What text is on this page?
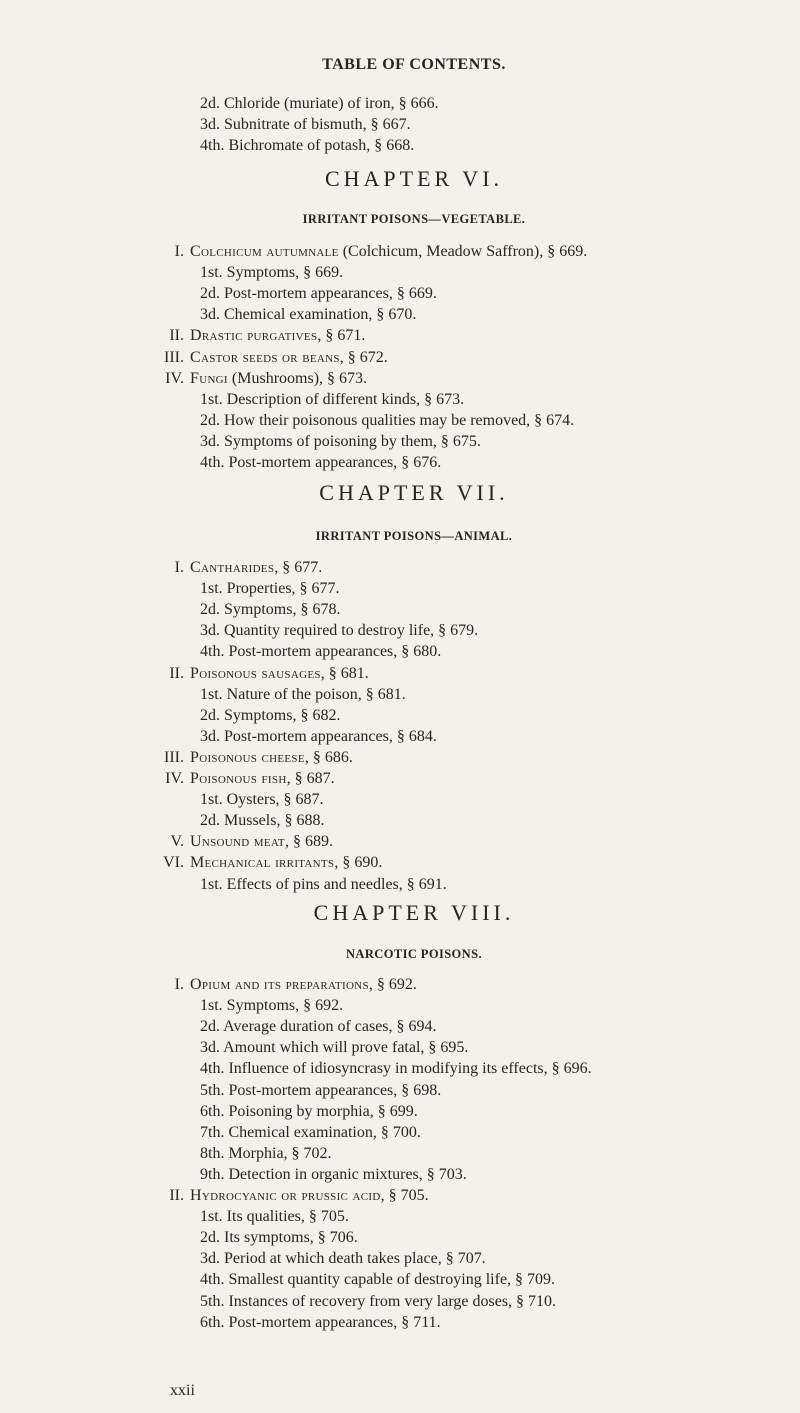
TABLE OF CONTENTS.
2d. Chloride (muriate) of iron, § 666.
3d. Subnitrate of bismuth, § 667.
4th. Bichromate of potash, § 668.
CHAPTER VI.
IRRITANT POISONS—VEGETABLE.
I. Colchicum autumnale (Colchicum, Meadow Saffron), § 669.
1st. Symptoms, § 669.
2d. Post-mortem appearances, § 669.
3d. Chemical examination, § 670.
II. Drastic purgatives, § 671.
III. Castor seeds or beans, § 672.
IV. Fungi (Mushrooms), § 673.
1st. Description of different kinds, § 673.
2d. How their poisonous qualities may be removed, § 674.
3d. Symptoms of poisoning by them, § 675.
4th. Post-mortem appearances, § 676.
CHAPTER VII.
IRRITANT POISONS—ANIMAL.
I. Cantharides, § 677.
1st. Properties, § 677.
2d. Symptoms, § 678.
3d. Quantity required to destroy life, § 679.
4th. Post-mortem appearances, § 680.
II. Poisonous sausages, § 681.
1st. Nature of the poison, § 681.
2d. Symptoms, § 682.
3d. Post-mortem appearances, § 684.
III. Poisonous cheese, § 686.
IV. Poisonous fish, § 687.
1st. Oysters, § 687.
2d. Mussels, § 688.
V. Unsound meat, § 689.
VI. Mechanical irritants, § 690.
1st. Effects of pins and needles, § 691.
CHAPTER VIII.
NARCOTIC POISONS.
I. Opium and its preparations, § 692.
1st. Symptoms, § 692.
2d. Average duration of cases, § 694.
3d. Amount which will prove fatal, § 695.
4th. Influence of idiosyncrasy in modifying its effects, § 696.
5th. Post-mortem appearances, § 698.
6th. Poisoning by morphia, § 699.
7th. Chemical examination, § 700.
8th. Morphia, § 702.
9th. Detection in organic mixtures, § 703.
II. Hydrocyanic or prussic acid, § 705.
1st. Its qualities, § 705.
2d. Its symptoms, § 706.
3d. Period at which death takes place, § 707.
4th. Smallest quantity capable of destroying life, § 709.
5th. Instances of recovery from very large doses, § 710.
6th. Post-mortem appearances, § 711.
xxii
